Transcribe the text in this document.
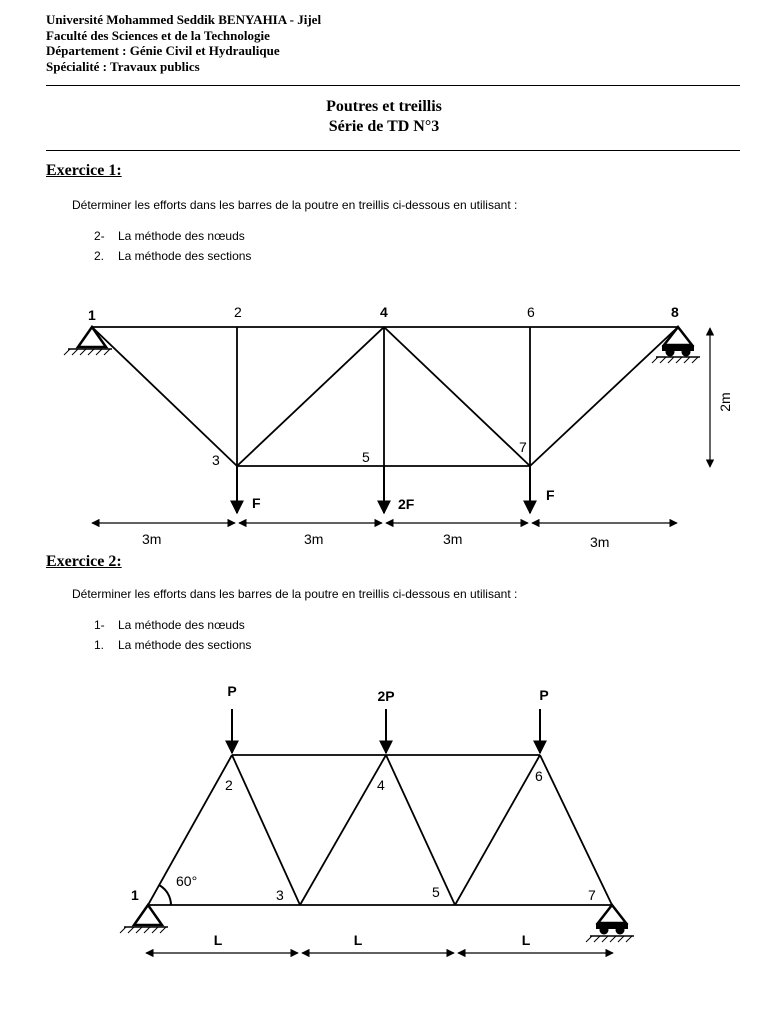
Université Mohammed Seddik BENYAHIA - Jijel
Faculté des Sciences et de la Technologie
Département : Génie Civil et Hydraulique
Spécialité : Travaux publics
Poutres et treillis
Série de TD N°3
Exercice 1:
Déterminer les efforts dans les barres de la poutre en treillis ci-dessous en utilisant :
2- La méthode des nœuds
2. La méthode des sections
1	2	4	6	8
3	5
7
F	2F
F
3m	3m	3m	3m
2m
Exercice 2:
Déterminer les efforts dans les barres de la poutre en treillis ci-dessous en utilisant :
1- La méthode des nœuds
1. La méthode des sections
60°
2	4
6
1	3	5	7
P	2P	P
L	L	L
